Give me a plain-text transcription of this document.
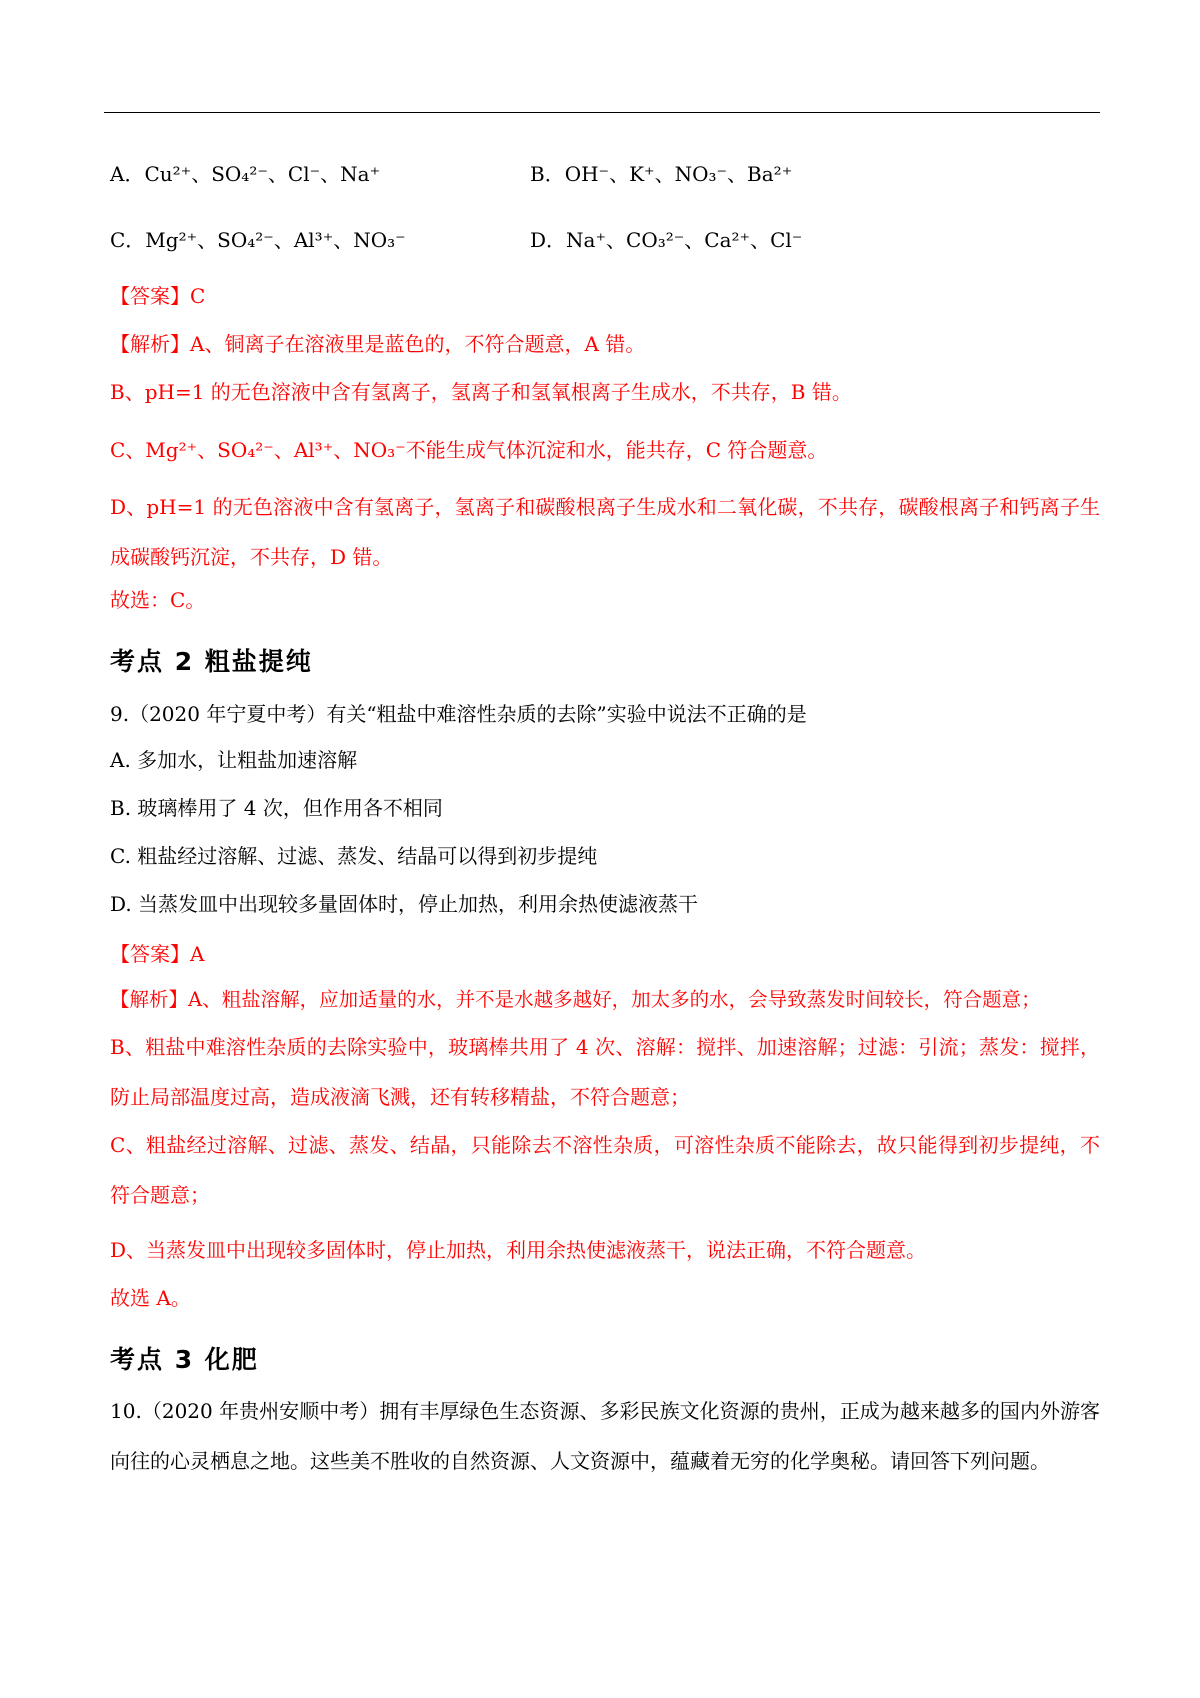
A．Cu²⁺、SO₄²⁻、Cl⁻、Na⁺	B．OH⁻、K⁺、NO₃⁻、Ba²⁺
C．Mg²⁺、SO₄²⁻、Al³⁺、NO₃⁻	D．Na⁺、CO₃²⁻、Ca²⁺、Cl⁻
【答案】C
【解析】A、铜离子在溶液里是蓝色的，不符合题意，A 错。
B、pH=1 的无色溶液中含有氢离子，氢离子和氢氧根离子生成水，不共存，B 错。
C、Mg²⁺、SO₄²⁻、Al³⁺、NO₃⁻不能生成气体沉淀和水，能共存，C 符合题意。
D、pH=1 的无色溶液中含有氢离子，氢离子和碳酸根离子生成水和二氧化碳，不共存，碳酸根离子和钙离子生成碳酸钙沉淀，不共存，D 错。
故选：C。
考点 2 粗盐提纯
9.（2020 年宁夏中考）有关“粗盐中难溶性杂质的去除”实验中说法不正确的是
A. 多加水，让粗盐加速溶解
B. 玻璃棒用了 4 次，但作用各不相同
C. 粗盐经过溶解、过滤、蒸发、结晶可以得到初步提纯
D. 当蒸发皿中出现较多量固体时，停止加热，利用余热使滤液蒸干
【答案】A
【解析】A、粗盐溶解，应加适量的水，并不是水越多越好，加太多的水，会导致蒸发时间较长，符合题意；
B、粗盐中难溶性杂质的去除实验中，玻璃棒共用了 4 次、溶解：搅拌、加速溶解；过滤：引流；蒸发：搅拌，防止局部温度过高，造成液滴飞溅，还有转移精盐，不符合题意；
C、粗盐经过溶解、过滤、蒸发、结晶，只能除去不溶性杂质，可溶性杂质不能除去，故只能得到初步提纯，不符合题意；
D、当蒸发皿中出现较多固体时，停止加热，利用余热使滤液蒸干，说法正确，不符合题意。
故选 A。
考点 3 化肥
10.（2020 年贵州安顺中考）拥有丰厚绿色生态资源、多彩民族文化资源的贵州，正成为越来越多的国内外游客向往的心灵栖息之地。这些美不胜收的自然资源、人文资源中，蕴藏着无穷的化学奥秘。请回答下列问题。
